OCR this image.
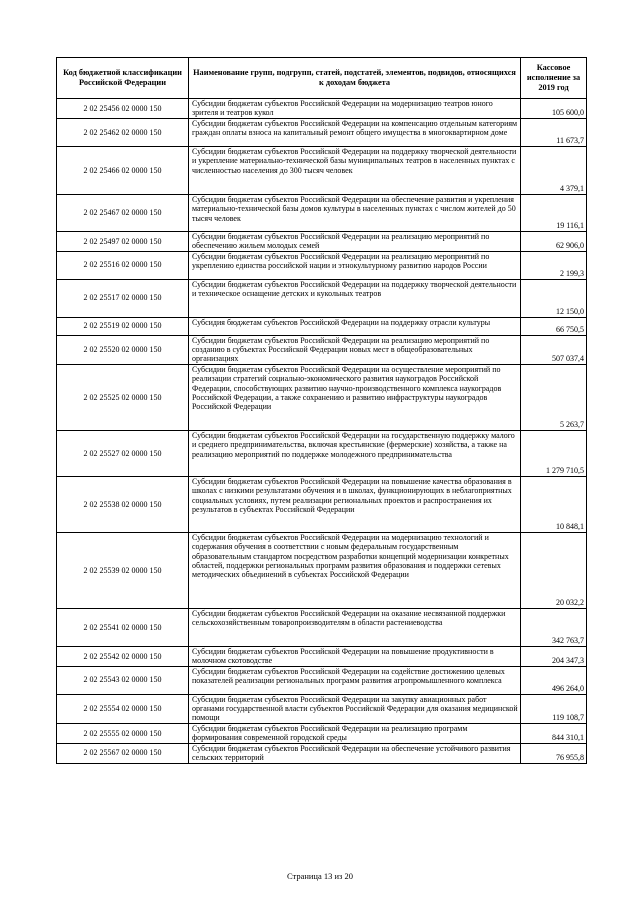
Код бюджетной классификации Российской Федерации	Наименование групп, подгрупп, статей, подстатей, элементов, подвидов, относящихся к доходам бюджета	Кассовое исполнение за 2019 год
2 02 25456 02 0000 150	Субсидии бюджетам субъектов Российской Федерации на модернизацию театров юного зрителя и театров кукол	105 600,0
2 02 25462 02 0000 150	Субсидии бюджетам субъектов Российской Федерации на компенсацию отдельным категориям граждан оплаты взноса на капитальный ремонт общего имущества в многоквартирном доме	11 673,7
2 02 25466 02 0000 150	Субсидии бюджетам субъектов Российской Федерации на поддержку творческой деятельности и укрепление материально-технической базы муниципальных театров в населенных пунктах с численностью населения до 300 тысяч человек	4 379,1
2 02 25467 02 0000 150	Субсидии бюджетам субъектов Российской Федерации на обеспечение развития и укрепления материально-технической базы домов культуры в населенных пунктах с числом жителей до 50 тысяч человек	19 116,1
2 02 25497 02 0000 150	Субсидии бюджетам субъектов Российской Федерации на реализацию мероприятий по обеспечению жильем молодых семей	62 906,0
2 02 25516 02 0000 150	Субсидии бюджетам субъектов Российской Федерации на реализацию мероприятий по укреплению единства российской нации и этнокультурному развитию народов России	2 199,3
2 02 25517 02 0000 150	Субсидии бюджетам субъектов Российской Федерации на поддержку творческой деятельности и техническое оснащение детских и кукольных театров	12 150,0
2 02 25519 02 0000 150	Субсидия бюджетам субъектов Российской Федерации на поддержку отрасли культуры	66 750,5
2 02 25520 02 0000 150	Субсидии бюджетам субъектов Российской Федерации на реализацию мероприятий по созданию в субъектах Российской Федерации новых мест в общеобразовательных организациях	507 037,4
2 02 25525 02 0000 150	Субсидии бюджетам субъектов Российской Федерации на осуществление мероприятий по реализации стратегий социально-экономического развития наукоградов Российской Федерации, способствующих развитию научно-производственного комплекса наукоградов Российской Федерации, а также сохранению и развитию инфраструктуры наукоградов Российской Федерации	5 263,7
2 02 25527 02 0000 150	Субсидии бюджетам субъектов Российской Федерации на государственную поддержку малого и среднего предпринимательства, включая крестьянские (фермерские) хозяйства, а также на реализацию мероприятий по поддержке молодежного предпринимательства	1 279 710,5
2 02 25538 02 0000 150	Субсидии бюджетам субъектов Российской Федерации на повышение качества образования в школах с низкими результатами обучения и в школах, функционирующих в неблагоприятных социальных условиях, путем реализации региональных проектов и распространения их результатов в субъектах Российской Федерации	10 848,1
2 02 25539 02 0000 150	Субсидии бюджетам субъектов Российской Федерации на модернизацию технологий и содержания обучения в соответствии с новым федеральным государственным образовательным стандартом посредством разработки концепций модернизации конкретных областей, поддержки региональных программ развития образования и поддержки сетевых методических объединений в субъектах Российской Федерации	20 032,2
2 02 25541 02 0000 150	Субсидии бюджетам субъектов Российской Федерации на оказание несвязанной поддержки сельскохозяйственным товаропроизводителям в области растениеводства	342 763,7
2 02 25542 02 0000 150	Субсидии бюджетам субъектов Российской Федерации на повышение продуктивности в молочном скотоводстве	204 347,3
2 02 25543 02 0000 150	Субсидии бюджетам субъектов Российской Федерации на содействие достижению целевых показателей реализации региональных программ развития агропромышленного комплекса	496 264,0
2 02 25554 02 0000 150	Субсидии бюджетам субъектов Российской Федерации на закупку авиационных работ органами государственной власти субъектов Российской Федерации для оказания медицинской помощи	119 108,7
2 02 25555 02 0000 150	Субсидии бюджетам субъектов Российской Федерации на реализацию программ формирования современной городской среды	844 310,1
2 02 25567 02 0000 150	Субсидии бюджетам субъектов Российской Федерации на обеспечение устойчивого развития сельских территорий	76 955,8
Страница 13 из 20
